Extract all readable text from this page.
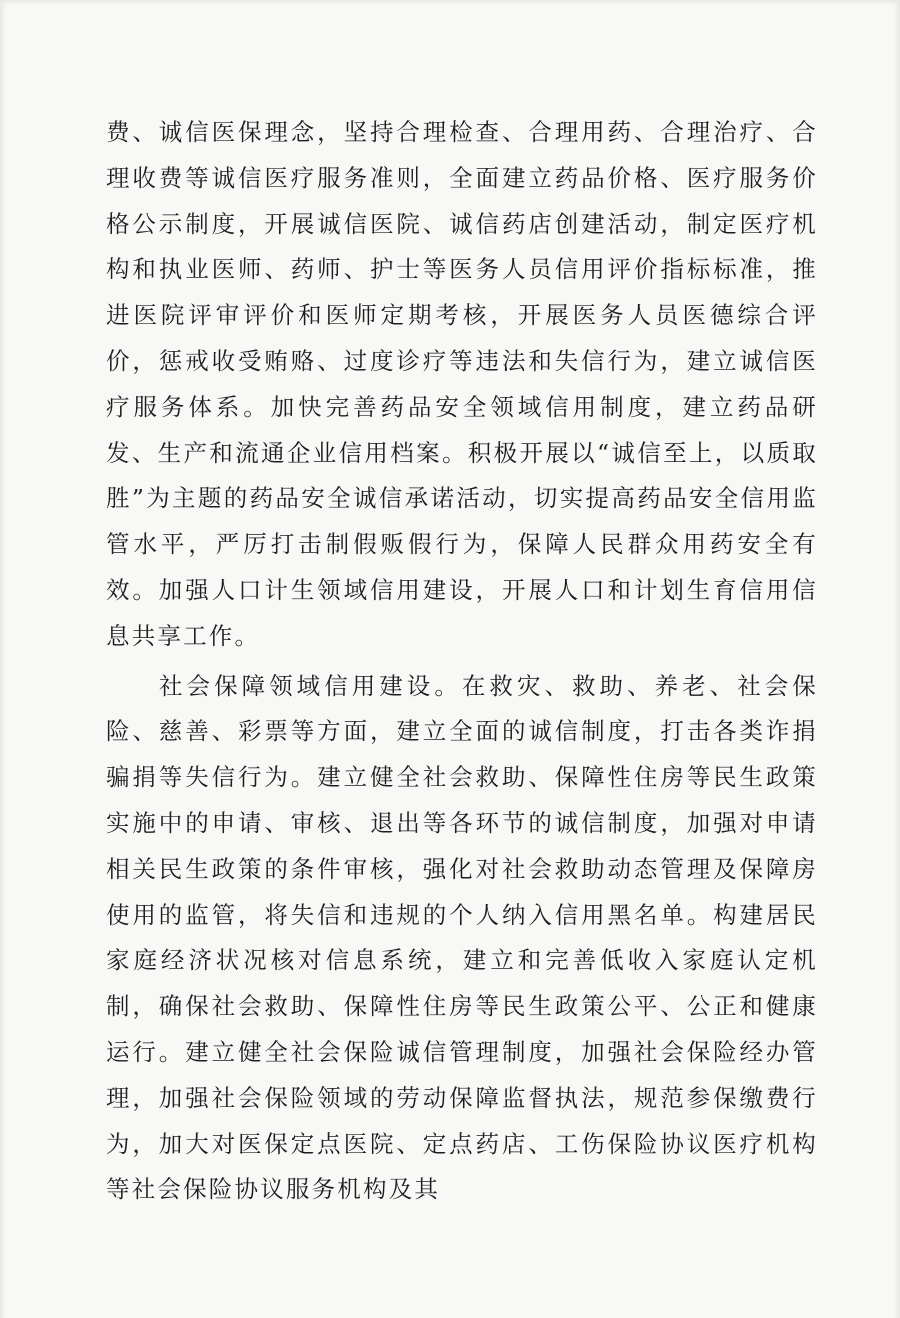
费、诚信医保理念，坚持合理检查、合理用药、合理治疗、合理收费等诚信医疗服务准则，全面建立药品价格、医疗服务价格公示制度，开展诚信医院、诚信药店创建活动，制定医疗机构和执业医师、药师、护士等医务人员信用评价指标标准，推进医院评审评价和医师定期考核，开展医务人员医德综合评价，惩戒收受贿赂、过度诊疗等违法和失信行为，建立诚信医疗服务体系。加快完善药品安全领域信用制度，建立药品研发、生产和流通企业信用档案。积极开展以“诚信至上，以质取胜”为主题的药品安全诚信承诺活动，切实提高药品安全信用监管水平，严厉打击制假贩假行为，保障人民群众用药安全有效。加强人口计生领域信用建设，开展人口和计划生育信用信息共享工作。

社会保障领域信用建设。在救灾、救助、养老、社会保险、慈善、彩票等方面，建立全面的诚信制度，打击各类诈捐骗捐等失信行为。建立健全社会救助、保障性住房等民生政策实施中的申请、审核、退出等各环节的诚信制度，加强对申请相关民生政策的条件审核，强化对社会救助动态管理及保障房使用的监管，将失信和违规的个人纳入信用黑名单。构建居民家庭经济状况核对信息系统，建立和完善低收入家庭认定机制，确保社会救助、保障性住房等民生政策公平、公正和健康运行。建立健全社会保险诚信管理制度，加强社会保险经办管理，加强社会保险领域的劳动保障监督执法，规范参保缴费行为，加大对医保定点医院、定点药店、工伤保险协议医疗机构等社会保险协议服务机构及其
